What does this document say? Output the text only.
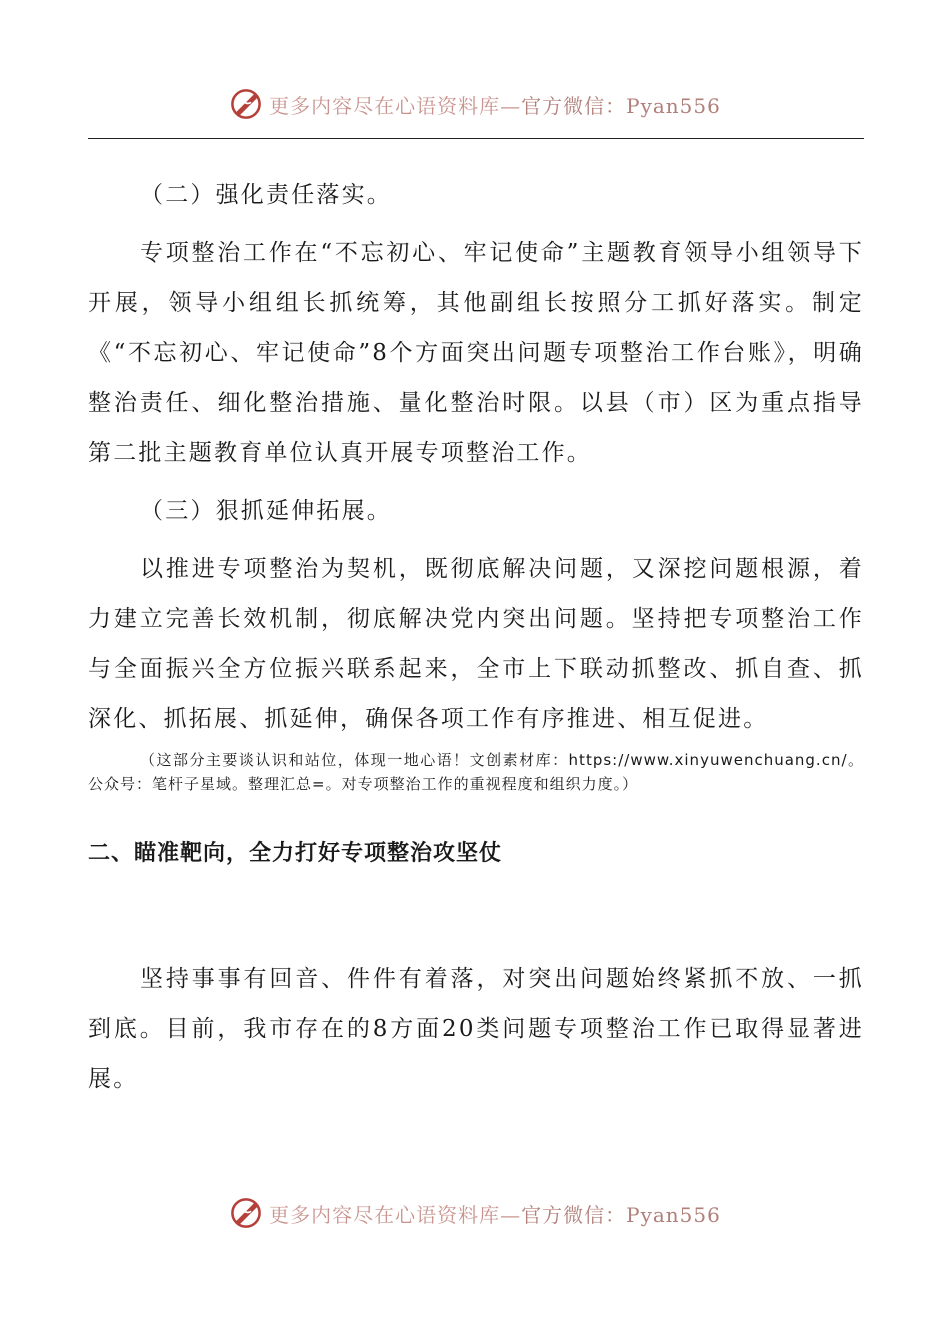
更多内容尽在心语资料库— 官方微信：Pyan556

（二）强化责任落实。

专项整治工作在“不忘初心、牢记使命”主题教育领导小组领导下开展，领导小组组长抓统筹，其他副组长按照分工抓好落实。制定《“不忘初心、牢记使命”8个方面突出问题专项整治工作台账》，明确整治责任、细化整治措施、量化整治时限。以县（市）区为重点指导第二批主题教育单位认真开展专项整治工作。

（三）狠抓延伸拓展。

以推进专项整治为契机，既彻底解决问题，又深挖问题根源，着力建立完善长效机制，彻底解决党内突出问题。坚持把专项整治工作与全面振兴全方位振兴联系起来，全市上下联动抓整改、抓自查、抓深化、抓拓展、抓延伸，确保各项工作有序推进、相互促进。

（这部分主要谈认识和站位，体现一地心语！文创素材库：https://www.xinyuwenchuang.cn/。公众号：笔杆子星域。整理汇总=。对专项整治工作的重视程度和组织力度。）

二、瞄准靶向，全力打好专项整治攻坚仗

坚持事事有回音、件件有着落，对突出问题始终紧抓不放、一抓到底。目前，我市存在的8方面20类问题专项整治工作已取得显著进展。

更多内容尽在心语资料库— 官方微信：Pyan556
